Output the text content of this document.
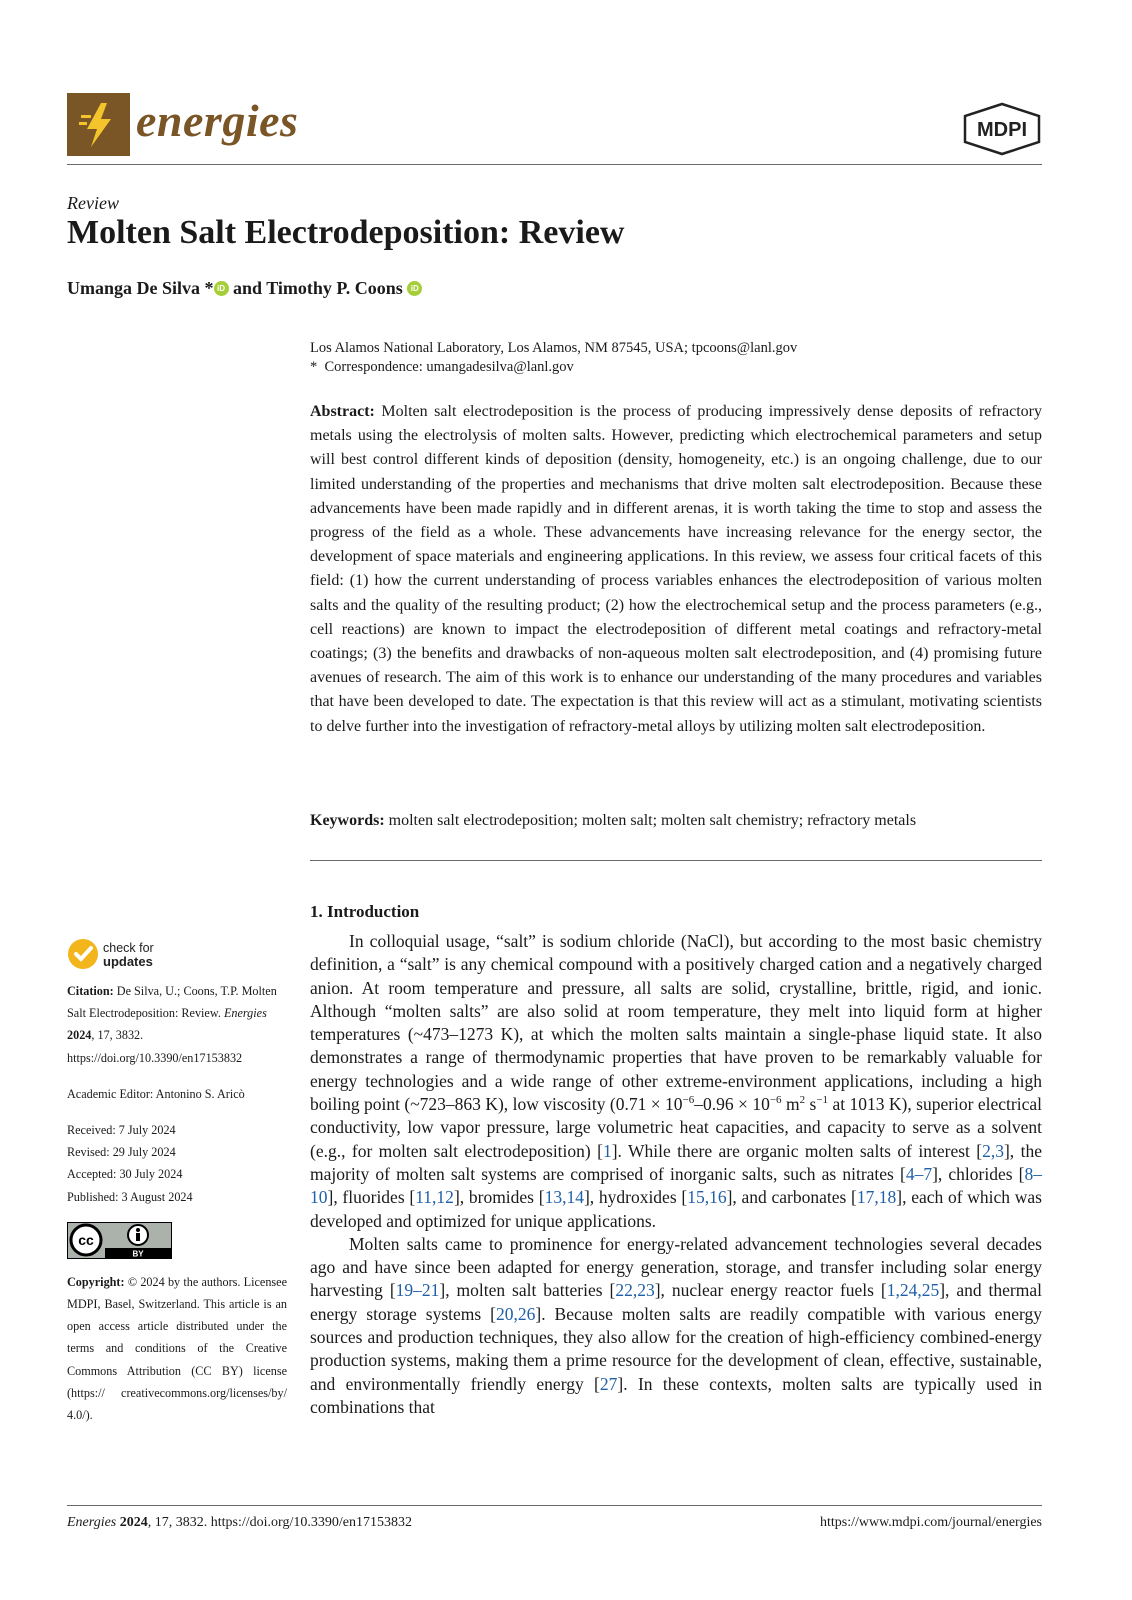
energies	MDPI
Review
Molten Salt Electrodeposition: Review
Umanga De Silva * iD and Timothy P. Coons iD
Los Alamos National Laboratory, Los Alamos, NM 87545, USA; tpcoons@lanl.gov
* Correspondence: umangadesilva@lanl.gov
Abstract: Molten salt electrodeposition is the process of producing impressively dense deposits of refractory metals using the electrolysis of molten salts. However, predicting which electrochemical parameters and setup will best control different kinds of deposition (density, homogeneity, etc.) is an ongoing challenge, due to our limited understanding of the properties and mechanisms that drive molten salt electrodeposition. Because these advancements have been made rapidly and in different arenas, it is worth taking the time to stop and assess the progress of the field as a whole. These advancements have increasing relevance for the energy sector, the development of space materials and engineering applications. In this review, we assess four critical facets of this field: (1) how the current understanding of process variables enhances the electrodeposition of various molten salts and the quality of the resulting product; (2) how the electrochemical setup and the process parameters (e.g., cell reactions) are known to impact the electrodeposition of different metal coatings and refractory-metal coatings; (3) the benefits and drawbacks of non-aqueous molten salt electrodeposition, and (4) promising future avenues of research. The aim of this work is to enhance our understanding of the many procedures and variables that have been developed to date. The expectation is that this review will act as a stimulant, motivating scientists to delve further into the investigation of refractory-metal alloys by utilizing molten salt electrodeposition.
Keywords: molten salt electrodeposition; molten salt; molten salt chemistry; refractory metals
check for
updates
Citation: De Silva, U.; Coons, T.P. Molten Salt Electrodeposition: Review. Energies 2024, 17, 3832. https://doi.org/10.3390/en17153832
Academic Editor: Antonino S. Aricò
Received: 7 July 2024
Revised: 29 July 2024
Accepted: 30 July 2024
Published: 3 August 2024
cc
BY
Copyright: © 2024 by the authors. Licensee MDPI, Basel, Switzerland. This article is an open access article distributed under the terms and conditions of the Creative Commons Attribution (CC BY) license (https:// creativecommons.org/licenses/by/ 4.0/).
1. Introduction

In colloquial usage, “salt” is sodium chloride (NaCl), but according to the most basic chemistry definition, a “salt” is any chemical compound with a positively charged cation and a negatively charged anion. At room temperature and pressure, all salts are solid, crystalline, brittle, rigid, and ionic. Although “molten salts” are also solid at room temperature, they melt into liquid form at higher temperatures (~473–1273 K), at which the molten salts maintain a single-phase liquid state. It also demonstrates a range of thermodynamic properties that have proven to be remarkably valuable for energy technologies and a wide range of other extreme-environment applications, including a high boiling point (~723–863 K), low viscosity ($0.71 \times 10^{-6}-0.96 \times 10^{-6}$ $m^2$ $s^{-1}$ at 1013 K), superior electrical conductivity, low vapor pressure, large volumetric heat capacities, and capacity to serve as a solvent (e.g., for molten salt electrodeposition) [1]. While there are organic molten salts of interest [2,3], the majority of molten salt systems are comprised of inorganic salts, such as nitrates [4–7], chlorides [8–10], fluorides [11,12], bromides [13,14], hydroxides [15,16], and carbonates [17,18], each of which was developed and optimized for unique applications.

Molten salts came to prominence for energy-related advancement technologies several decades ago and have since been adapted for energy generation, storage, and transfer including solar energy harvesting [19–21], molten salt batteries [22,23], nuclear energy reactor fuels [1,24,25], and thermal energy storage systems [20,26]. Because molten salts are readily compatible with various energy sources and production techniques, they also allow for the creation of high-efficiency combined-energy production systems, making them a prime resource for the development of clean, effective, sustainable, and environmentally friendly energy [27]. In these contexts, molten salts are typically used in combinations that

Energies 2024, 17, 3832. https://doi.org/10.3390/en17153832	https://www.mdpi.com/journal/energies
